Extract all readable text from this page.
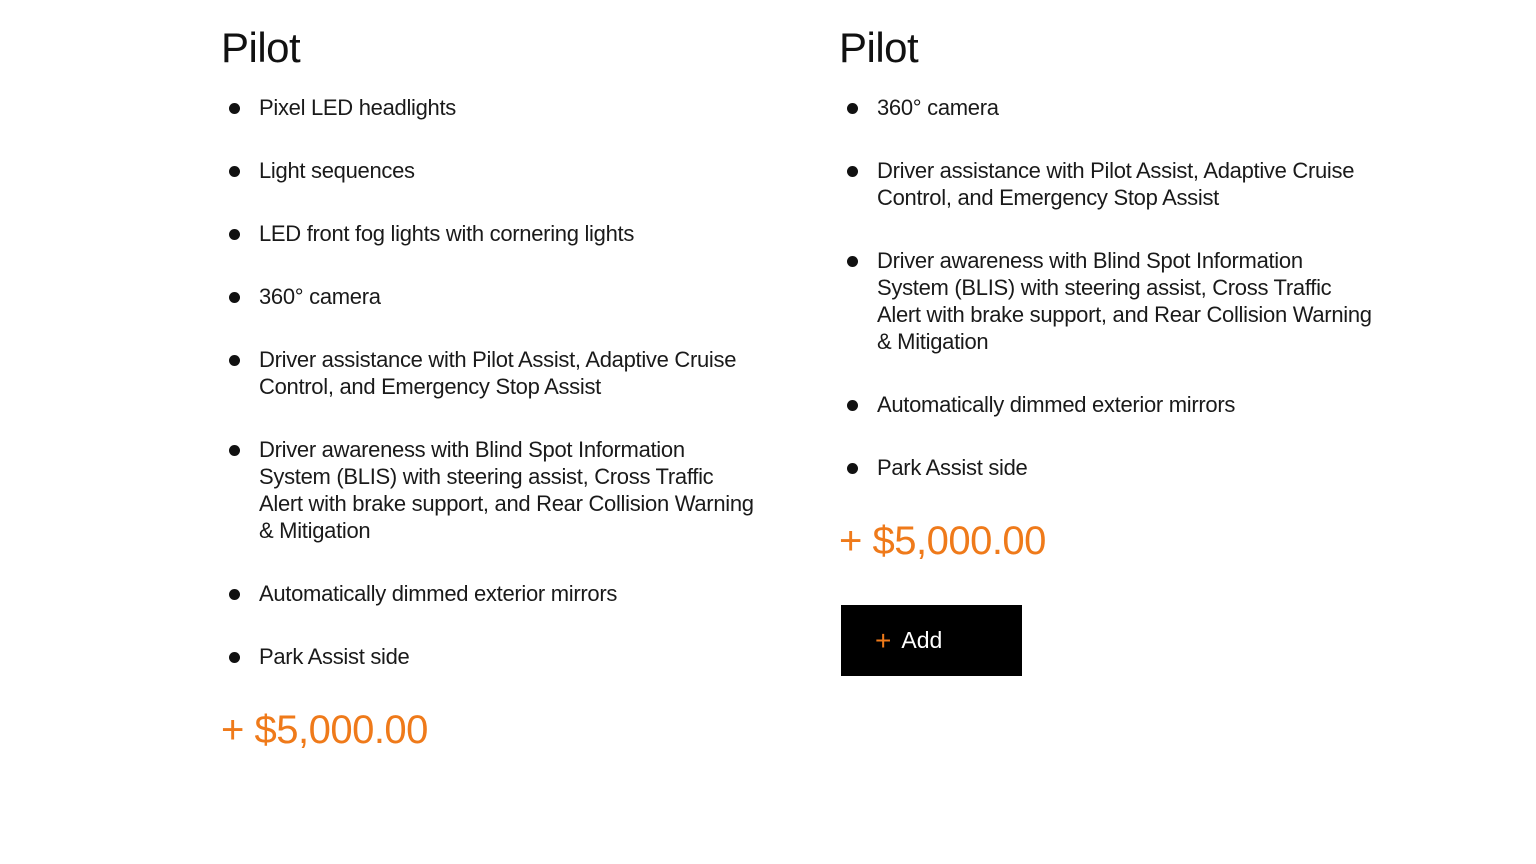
Pilot
Pixel LED headlights
Light sequences
LED front fog lights with cornering lights
360° camera
Driver assistance with Pilot Assist, Adaptive Cruise Control, and Emergency Stop Assist
Driver awareness with Blind Spot Information System (BLIS) with steering assist, Cross Traffic Alert with brake support, and Rear Collision Warning & Mitigation
Automatically dimmed exterior mirrors
Park Assist side

+ $5,000.00

Pilot
360° camera
Driver assistance with Pilot Assist, Adaptive Cruise Control, and Emergency Stop Assist
Driver awareness with Blind Spot Information System (BLIS) with steering assist, Cross Traffic Alert with brake support, and Rear Collision Warning & Mitigation
Automatically dimmed exterior mirrors
Park Assist side

+ $5,000.00

+ Add
